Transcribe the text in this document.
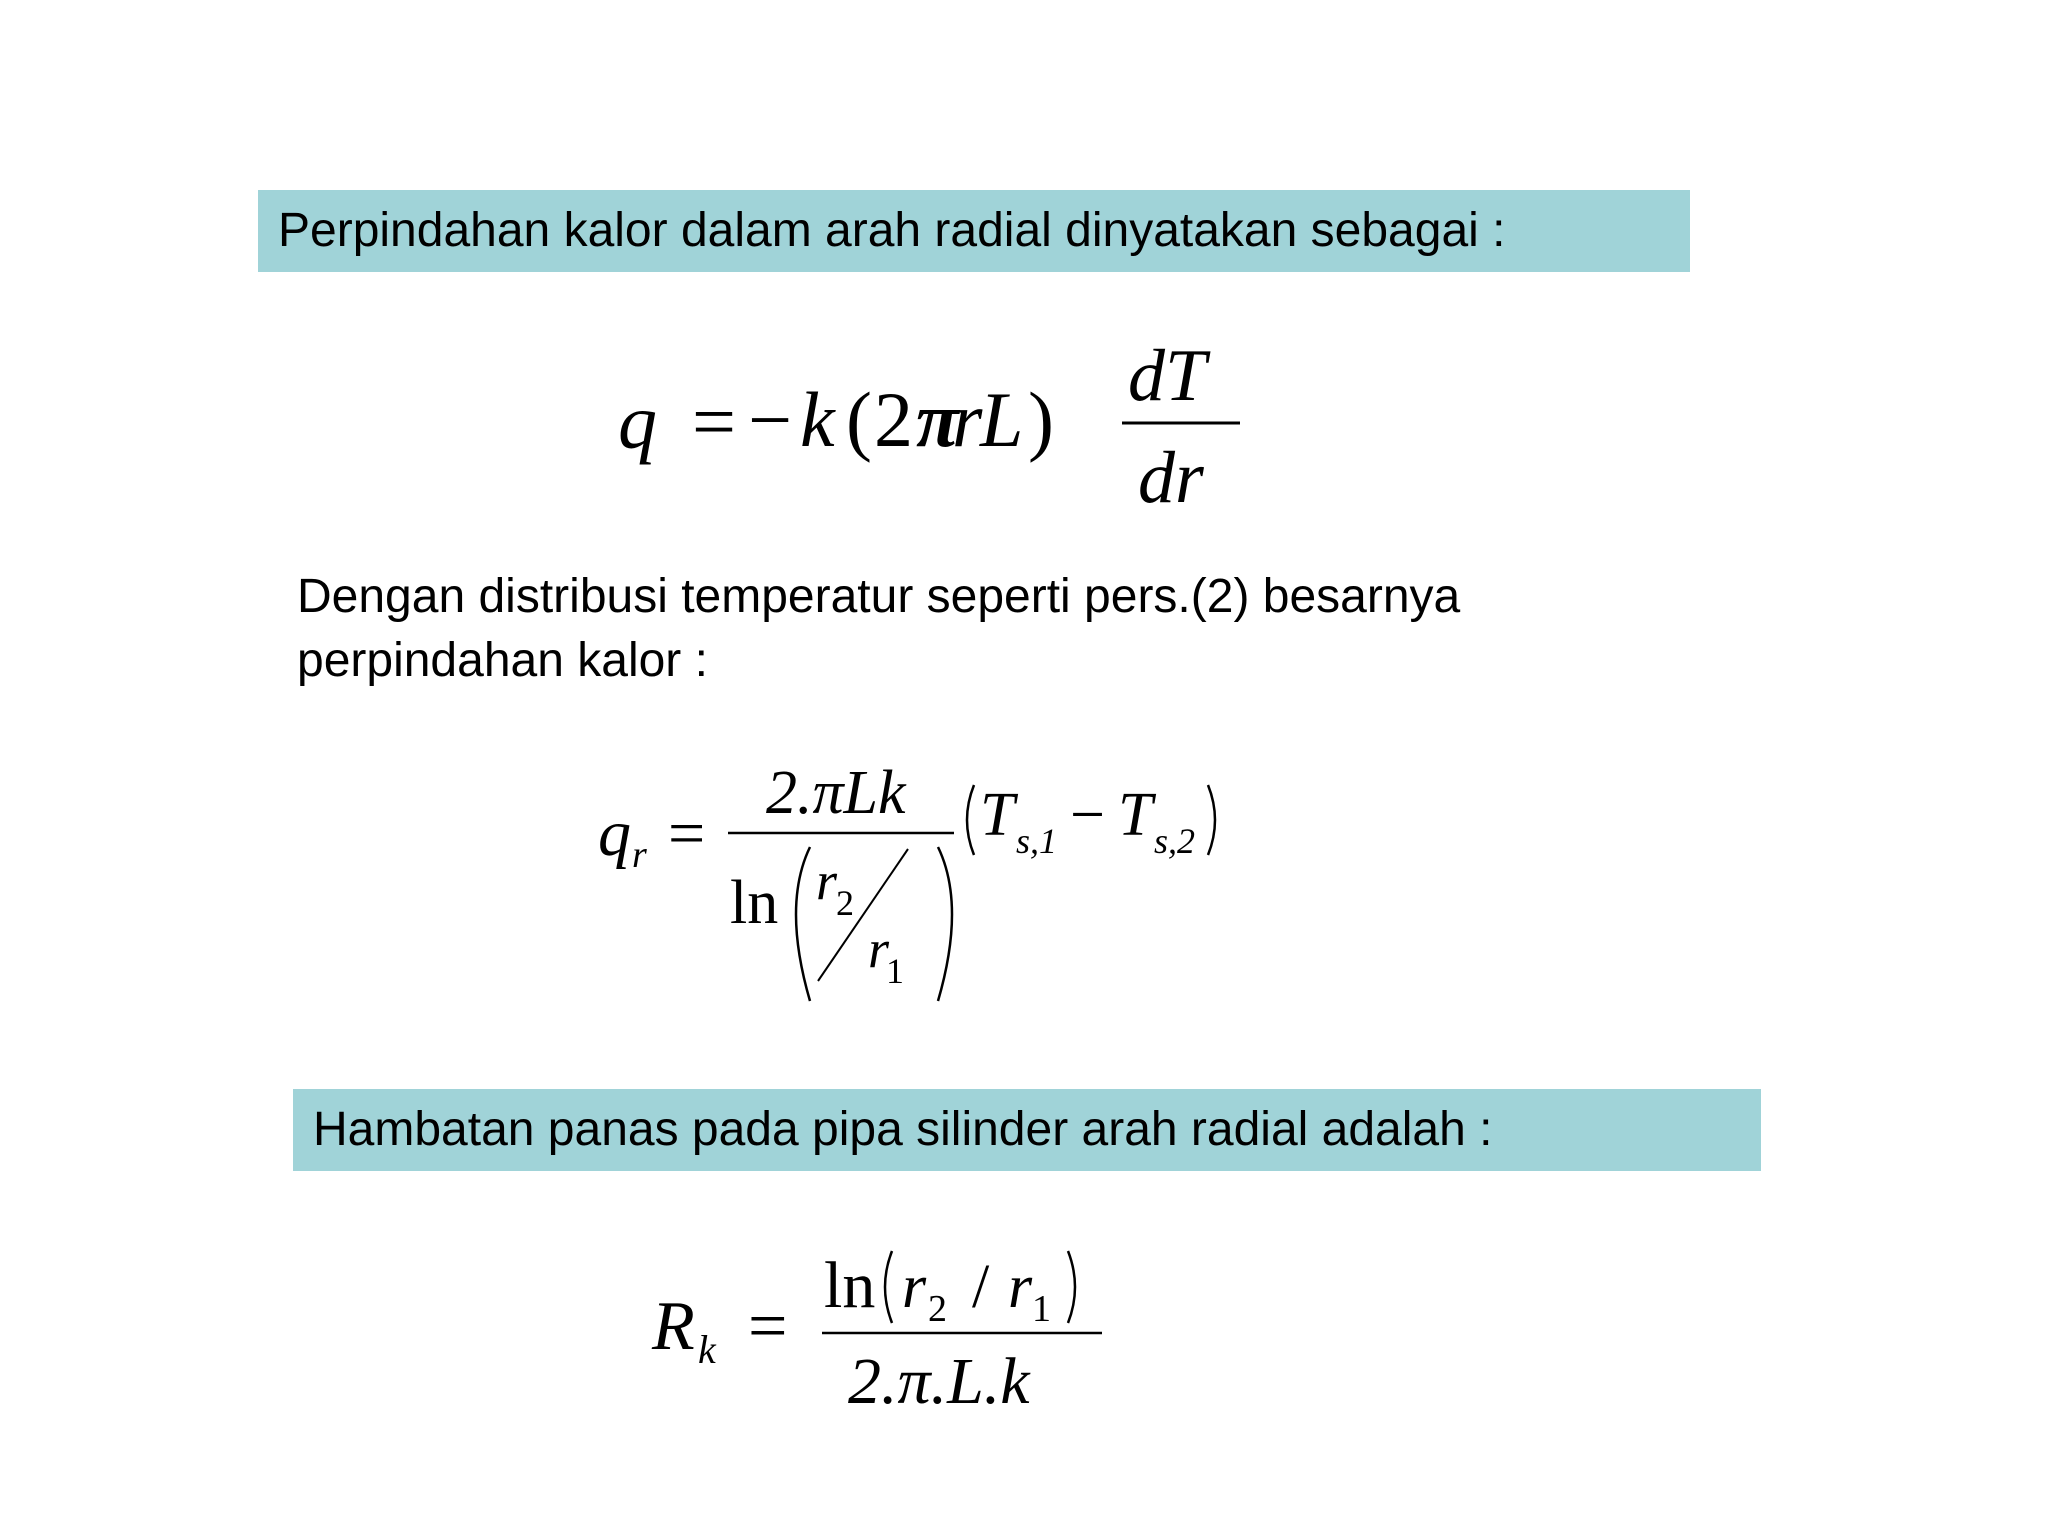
Perpindahan kalor dalam arah radial dinyatakan sebagai :
q = − k ( 2 π
r
L ) dT
dr
Dengan distribusi temperatur seperti pers.(2) besarnya
perpindahan kalor :
q r =
2.πLk
ln r
2
r
1
T s,1 − T s,2
Hambatan panas pada pipa silinder arah radial adalah :
R k =
ln r 2 / r 1
2.π.L.k
